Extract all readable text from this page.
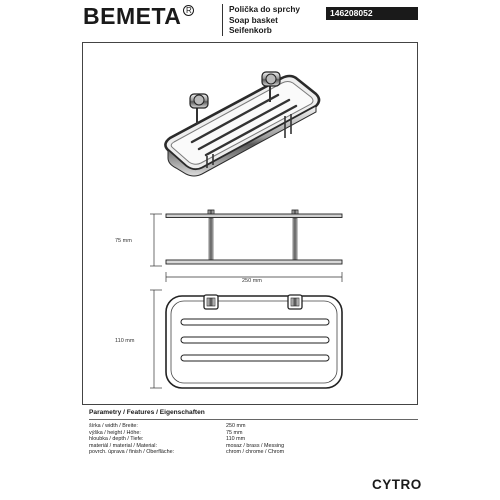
BEMETA R	Polička do sprchy
Soap basket
Seifenkorb
146208052
75 mm
250 mm
110 mm
Parametry / Features / Eigenschaften
šírka / width / Breite:	250 mm
výška / height / Höhe:	75 mm
hloubka / depth / Tiefe:	110 mm
materiál / material / Material:	mosaz / brass / Messing
povrch. úprava / finish / Oberfläche:	chrom / chrome / Chrom
CYTRO
